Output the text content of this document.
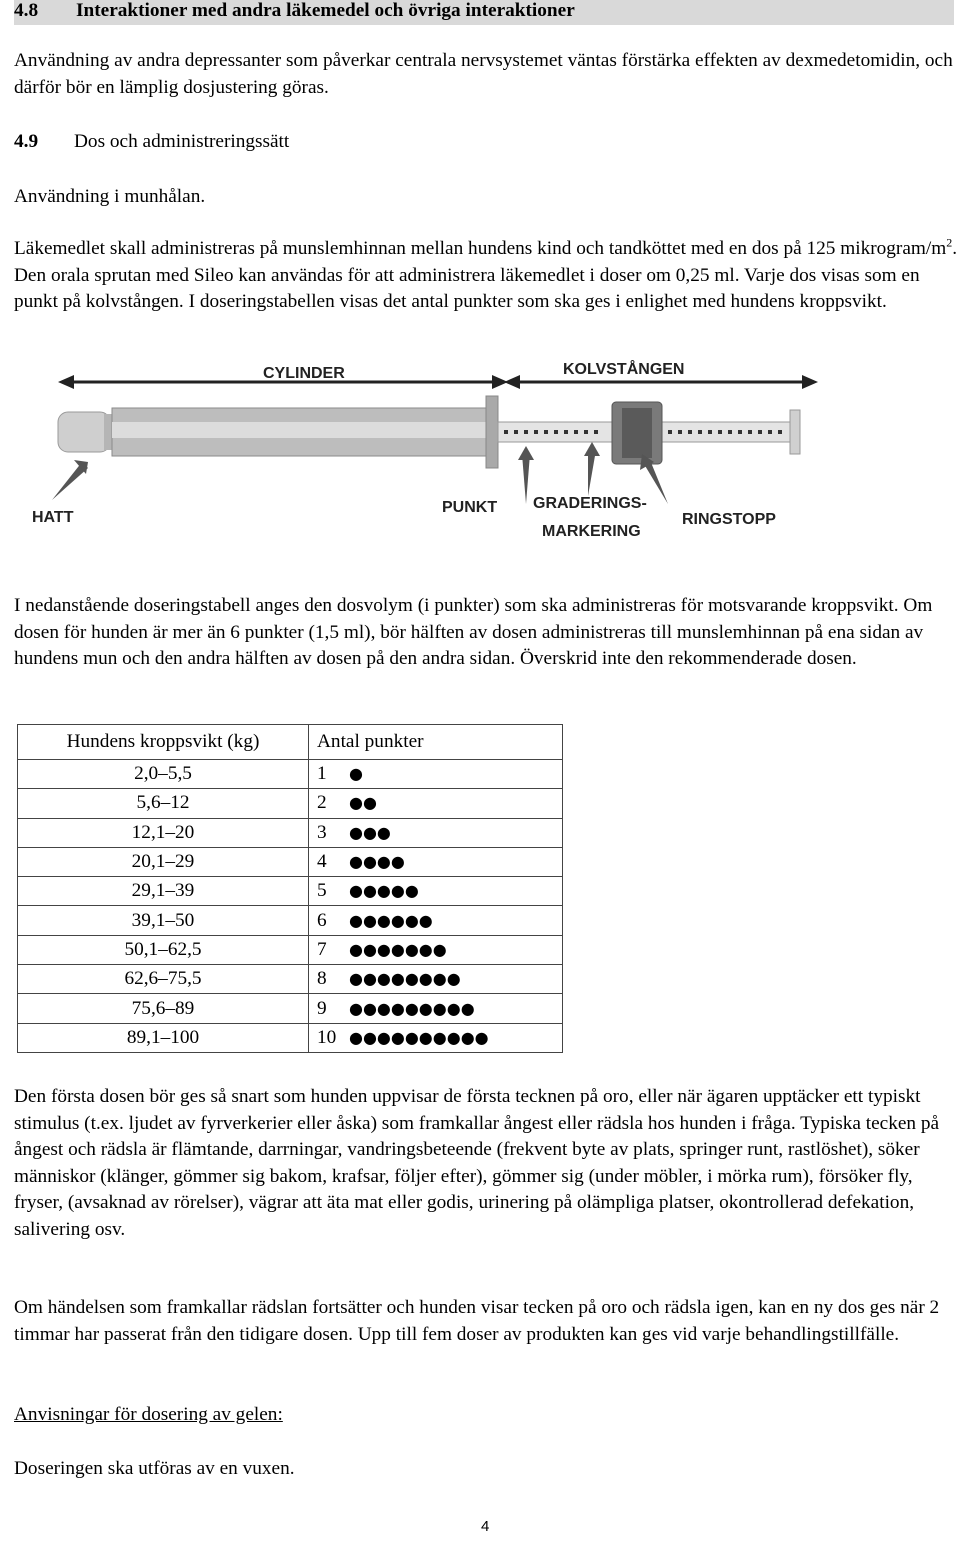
4.8 Interaktioner med andra läkemedel och övriga interaktioner

Användning av andra depressanter som påverkar centrala nervsystemet väntas förstärka effekten av dexmedetomidin, och därför bör en lämplig dosjustering göras.

4.9 Dos och administreringssätt

Användning i munhålan.

Läkemedlet skall administreras på munslemhinnan mellan hundens kind och tandköttet med en dos på 125 mikrogram/$m^2$. Den orala sprutan med Sileo kan användas för att administrera läkemedlet i doser om 0,25 ml. Varje dos visas som en punkt på kolvstången. I doseringstabellen visas det antal punkter som ska ges i enlighet med hundens kroppsvikt.

CYLINDER	KOLVSTÅNGEN
HATT
PUNKT GRADERINGS-
MARKERING
RINGSTOPP

I nedanstående doseringstabell anges den dosvolym (i punkter) som ska administreras för motsvarande kroppsvikt. Om dosen för hunden är mer än 6 punkter (1,5 ml), bör hälften av dosen administreras till munslemhinnan på ena sidan av hundens mun och den andra hälften av dosen på den andra sidan. Överskrid inte den rekommenderade dosen.

Hundens kroppsvikt (kg)	Antal punkter
2,0–5,5	1 ●
5,6–12	2 ●●
12,1–20	3 ●●●
20,1–29	4 ●●●●
29,1–39	5 ●●●●●
39,1–50	6 ●●●●●●
50,1–62,5	7 ●●●●●●●
62,6–75,5	8 ●●●●●●●●
75,6–89	9 ●●●●●●●●●
89,1–100	10 ●●●●●●●●●●

Den första dosen bör ges så snart som hunden uppvisar de första tecknen på oro, eller när ägaren upptäcker ett typiskt stimulus (t.ex. ljudet av fyrverkerier eller åska) som framkallar ångest eller rädsla hos hunden i fråga. Typiska tecken på ångest och rädsla är flämtande, darrningar, vandringsbeteende (frekvent byte av plats, springer runt, rastlöshet), söker människor (klänger, gömmer sig bakom, krafsar, följer efter), gömmer sig (under möbler, i mörka rum), försöker fly, fryser, (avsaknad av rörelser), vägrar att äta mat eller godis, urinering på olämpliga platser, okontrollerad defekation, salivering osv.

Om händelsen som framkallar rädslan fortsätter och hunden visar tecken på oro och rädsla igen, kan en ny dos ges när 2 timmar har passerat från den tidigare dosen. Upp till fem doser av produkten kan ges vid varje behandlingstillfälle.

Anvisningar för dosering av gelen:

Doseringen ska utföras av en vuxen.

4
